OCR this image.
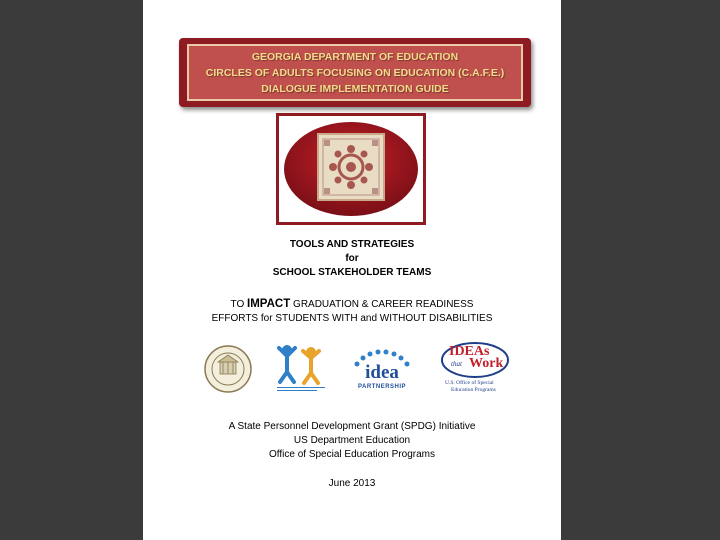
GEORGIA DEPARTMENT OF EDUCATION
CIRCLES OF ADULTS FOCUSING ON EDUCATION (C.A.F.E.)
DIALOGUE IMPLEMENTATION GUIDE
TOOLS AND STRATEGIES
for
SCHOOL STAKEHOLDER TEAMS
TO IMPACT GRADUATION & CAREER READINESS
EFFORTS for STUDENTS WITH and WITHOUT DISABILITIES
idea
PARTNERSHIP
IDEAs
that Work
U.S. Office of Special
Education Programs
A State Personnel Development Grant (SPDG) Initiative
US Department Education
Office of Special Education Programs
June 2013
